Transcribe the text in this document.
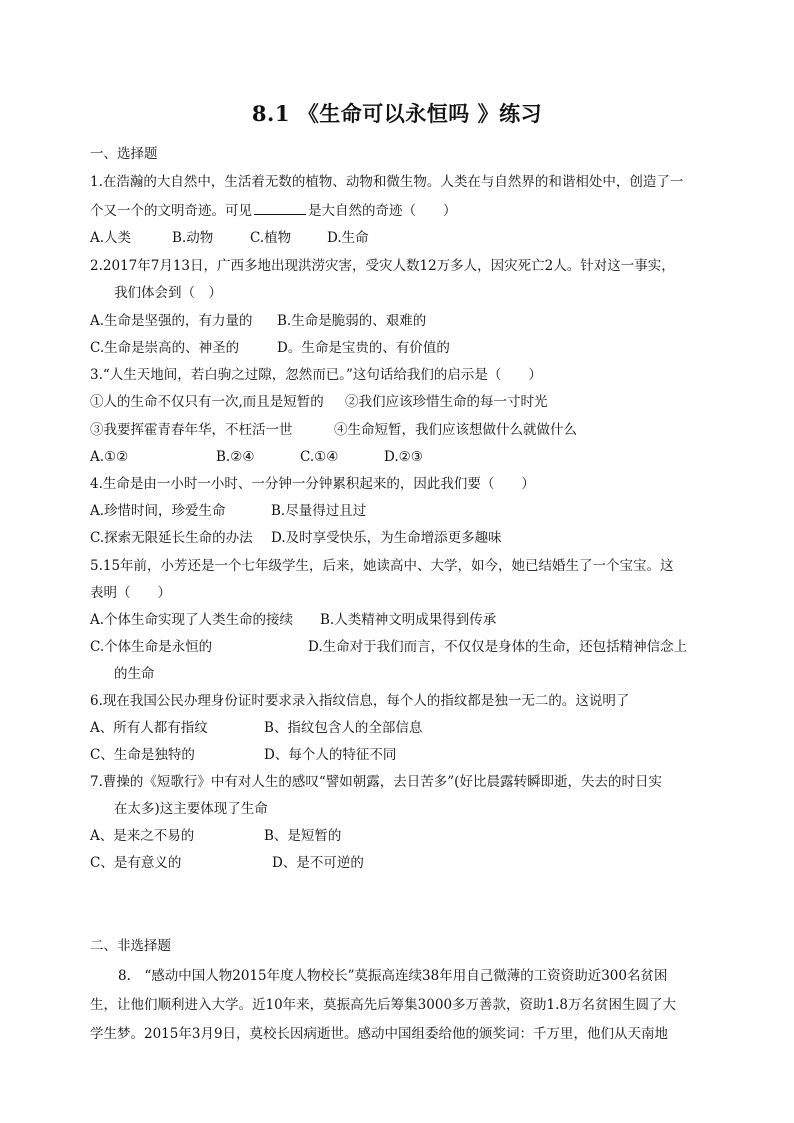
8.1 《生命可以永恒吗 》练习
一、选择题
1.在浩瀚的大自然中，生活着无数的植物、动物和微生物。人类在与自然界的和谐相处中，创造了一
个又一个的文明奇迹。可见	是大自然的奇迹（　　）
A.人类	B.动物	C.植物	D.生命
2.2017年7月13日，广西多地出现洪涝灾害，受灾人数12万多人，因灾死亡2人。针对这一事实，
我们体会到（　）
A.生命是坚强的，有力量的 B.生命是脆弱的、艰难的
C.生命是崇高的、神圣的	D。生命是宝贵的、有价值的
3.“人生天地间，若白驹之过隙，忽然而已。”这句话给我们的启示是（　　）
①人的生命不仅只有一次,而且是短暂的 ②我们应该珍惜生命的每一寸时光
③我要挥霍青春年华，不枉活一世	④生命短暂，我们应该想做什么就做什么
A.①②	B.②④	C.①④	D.②③
4.生命是由一小时一小时、一分钟一分钟累积起来的，因此我们要（　　）
A.珍惜时间，珍爱生命	B.尽量得过且过
C.探索无限延长生命的办法 D.及时享受快乐，为生命增添更多趣味
5.15年前，小芳还是一个七年级学生，后来，她读高中、大学，如今，她已结婚生了一个宝宝。这
表明（　　）
A.个体生命实现了人类生命的接续 B.人类精神文明成果得到传承
C.个体生命是永恒的	D.生命对于我们而言，不仅仅是身体的生命，还包括精神信念上
的生命
6.现在我国公民办理身份证时要求录入指纹信息，每个人的指纹都是独一无二的。这说明了
A、所有人都有指纹	B、指纹包含人的全部信息
C、生命是独特的	D、每个人的特征不同
7.曹操的《短歌行》中有对人生的感叹“譬如朝露，去日苦多”(好比晨露转瞬即逝，失去的时日实
在太多)这主要体现了生命
A、是来之不易的	B、是短暂的
C、是有意义的	D、是不可逆的
二、非选择题
8.　“感动中国人物2015年度人物校长”莫振高连续38年用自己微薄的工资资助近300名贫困
生，让他们顺利进入大学。近10年来，莫振高先后筹集3000多万善款，资助1.8万名贫困生圆了大
学生梦。2015年3月9日，莫校长因病逝世。感动中国组委给他的颁奖词：千万里，他们从天南地
